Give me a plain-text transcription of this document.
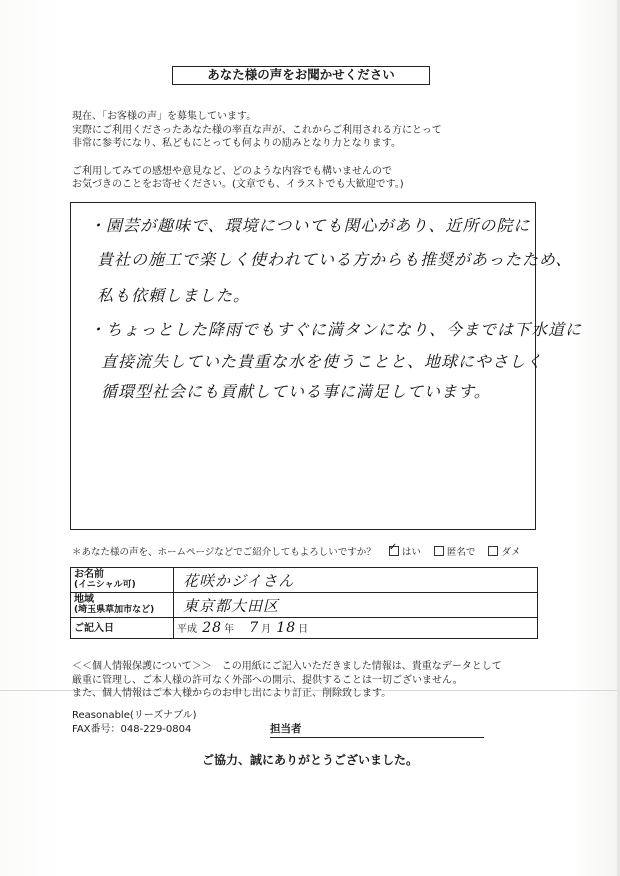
あなた様の声をお聞かせください

現在、「お客様の声」を募集しています。

実際にご利用くださったあなた様の率直な声が、これからご利用される方にとって

非常に参考になり、私どもにとっても何よりの励みとなり力となります。

ご利用してみての感想や意見など、どのような内容でも構いませんので

お気づきのことをお寄せください。(文章でも、イラストでも大歓迎です。)

・園芸が趣味で、環境についても関心があり、近所の院に
貴社の施工で楽しく使われている方からも推奨があったため、
私も依頼しました。
・ちょっとした降雨でもすぐに満タンになり、今までは下水道に
直接流失していた貴重な水を使うことと、地球にやさしく
循環型社会にも貢献している事に満足しています。
＊あなた様の声を、ホームページなどでご紹介してもよろしいですか？ ✓	はい	匿名で	ダメ
お名前
(イニシャル可)	花咲かジイさん

地域
(埼玉県草加市など)	東京都大田区
ご記入日	平成 28 年 7 月 18 日

＜＜個人情報保護について＞＞　この用紙にご記入いただきました情報は、貴重なデータとして

厳重に管理し、ご本人様の許可なく外部への開示、提供することは一切ございません。

また、個人情報はご本人様からのお申し出により訂正、削除致します。

Reasonable(リーズナブル)

FAX番号：048-229-0804	担当者
ご協力、誠にありがとうございました。
